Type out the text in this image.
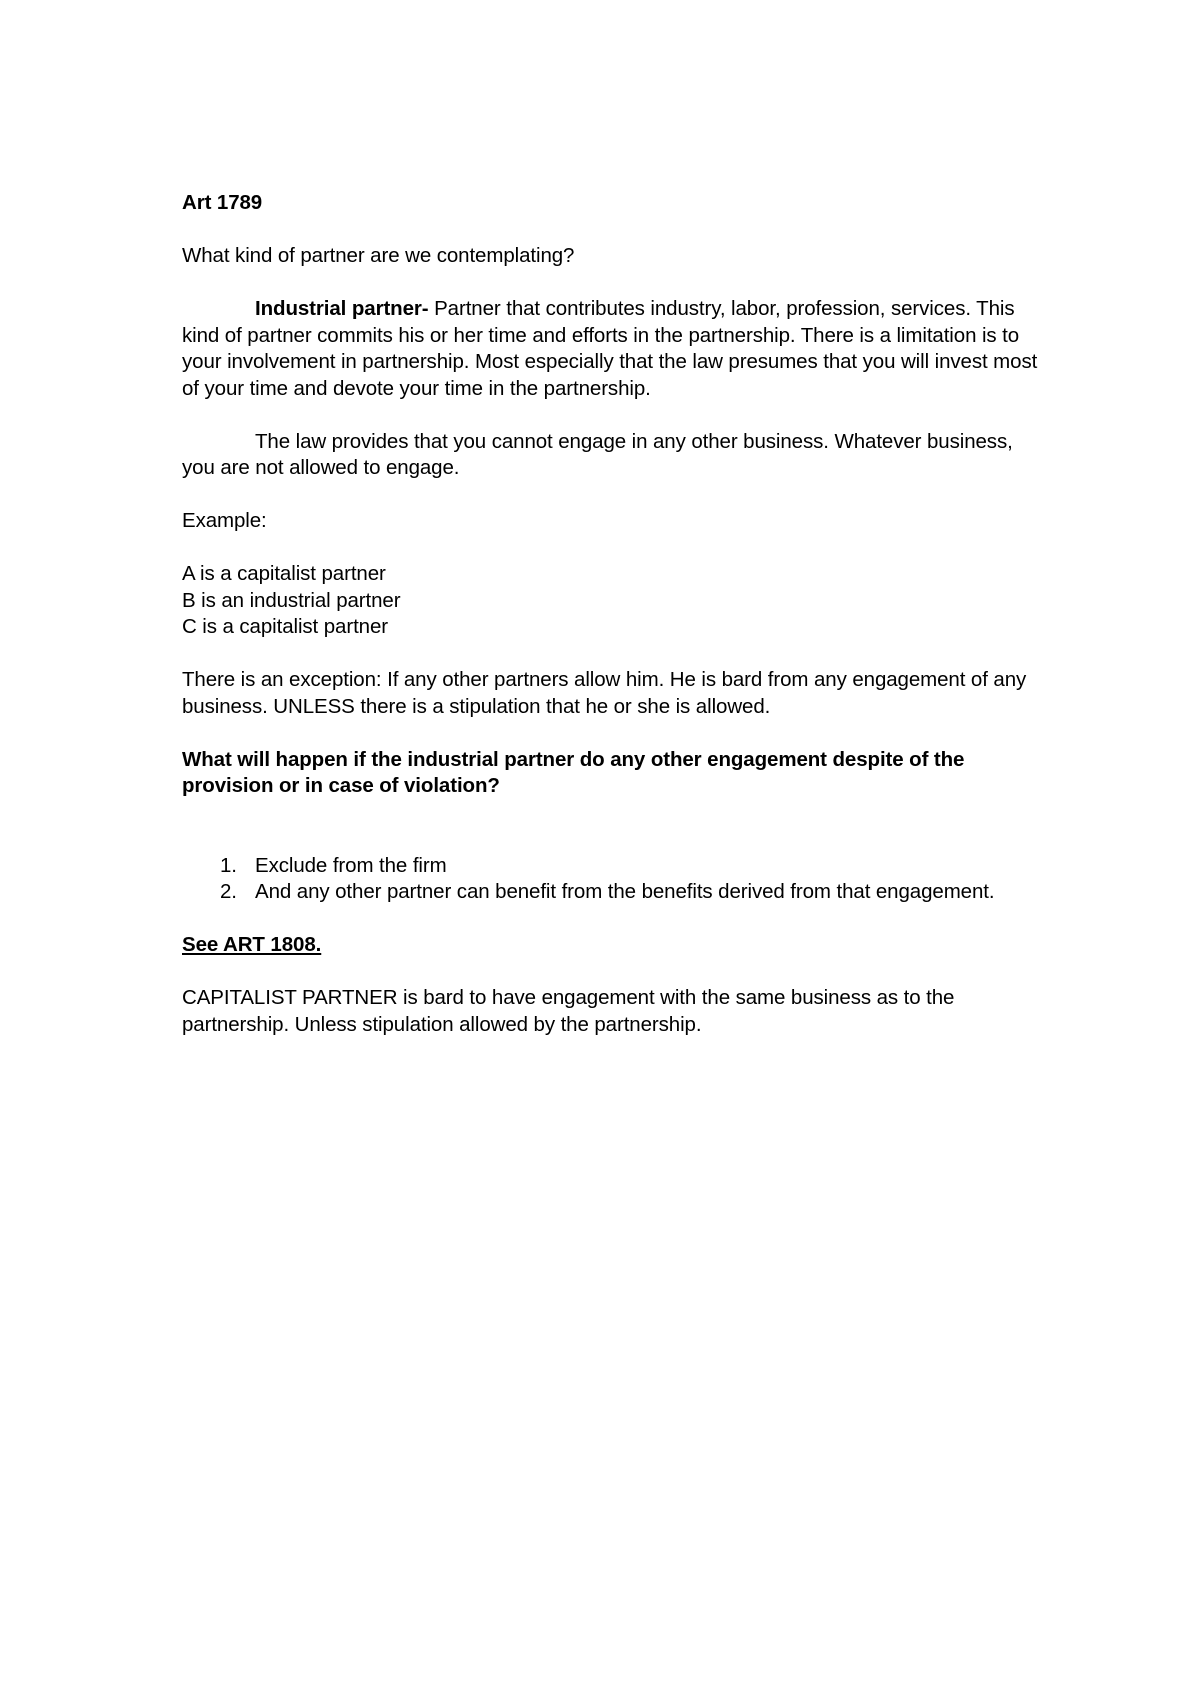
Art 1789

What kind of partner are we contemplating?

Industrial partner- Partner that contributes industry, labor, profession, services. This kind of partner commits his or her time and efforts in the partnership. There is a limitation is to your involvement in partnership. Most especially that the law presumes that you will invest most of your time and devote your time in the partnership.

The law provides that you cannot engage in any other business. Whatever business, you are not allowed to engage.

Example:

A is a capitalist partner
B is an industrial partner
C is a capitalist partner

There is an exception: If any other partners allow him. He is bard from any engagement of any business. UNLESS there is a stipulation that he or she is allowed.

What will happen if the industrial partner do any other engagement despite of the provision or in case of violation?

1. Exclude from the firm
2. And any other partner can benefit from the benefits derived from that engagement.

See ART 1808.

CAPITALIST PARTNER is bard to have engagement with the same business as to the partnership. Unless stipulation allowed by the partnership.
